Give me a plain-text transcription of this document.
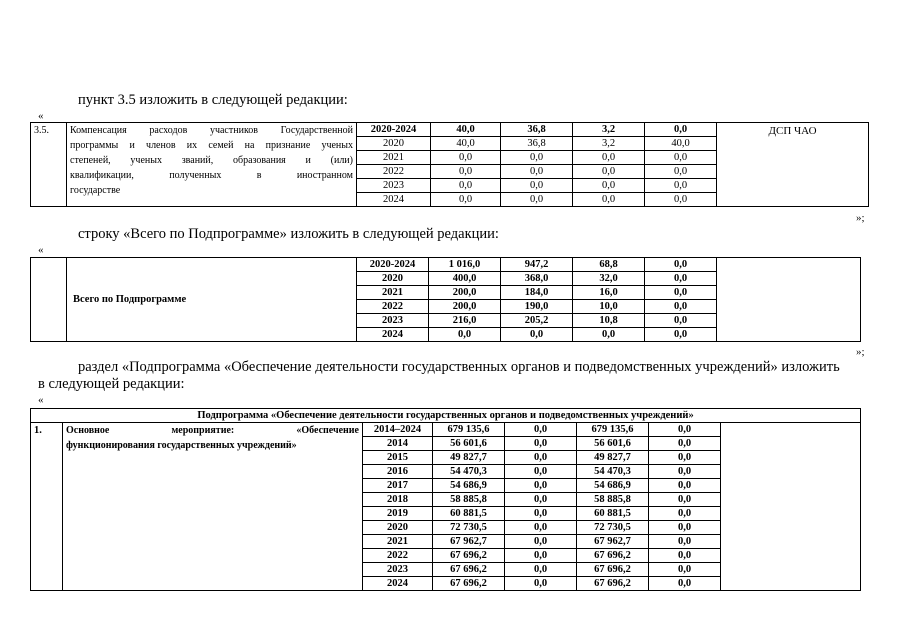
пункт 3.5 изложить в следующей редакции:
«
3.5.	Компенсация расходов участников Государственной
программы и членов их семей на признание ученых
степеней, ученых званий, образования и (или)
квалификации, полученных в иностранном
государстве	2020-2024	40,0	36,8	3,2	0,0	ДСП ЧАО
		2020	40,0	36,8	3,2	40,0	
		2021	0,0	0,0	0,0	0,0	
		2022	0,0	0,0	0,0	0,0	
		2023	0,0	0,0	0,0	0,0	
		2024	0,0	0,0	0,0	0,0	
»;
строку «Всего по Подпрограмме» изложить в следующей редакции:
«
	Всего по Подпрограмме	2020-2024	1 016,0	947,2	68,8	0,0	
		2020	400,0	368,0	32,0	0,0	
		2021	200,0	184,0	16,0	0,0	
		2022	200,0	190,0	10,0	0,0	
		2023	216,0	205,2	10,8	0,0	
		2024	0,0	0,0	0,0	0,0	
»;
раздел «Подпрограмма «Обеспечение деятельности государственных органов и подведомственных учреждений» изложить
в следующей редакции:
«
Подпрограмма «Обеспечение деятельности государственных органов и подведомственных учреждений»							
1.	Основное мероприятие: «Обеспечение
функционирования государственных учреждений»	2014–2024	679 135,6	0,0	679 135,6	0,0	
		2014	56 601,6	0,0	56 601,6	0,0	
		2015	49 827,7	0,0	49 827,7	0,0	
		2016	54 470,3	0,0	54 470,3	0,0	
		2017	54 686,9	0,0	54 686,9	0,0	
		2018	58 885,8	0,0	58 885,8	0,0	
		2019	60 881,5	0,0	60 881,5	0,0	
		2020	72 730,5	0,0	72 730,5	0,0	
		2021	67 962,7	0,0	67 962,7	0,0	
		2022	67 696,2	0,0	67 696,2	0,0	
		2023	67 696,2	0,0	67 696,2	0,0	
		2024	67 696,2	0,0	67 696,2	0,0	
